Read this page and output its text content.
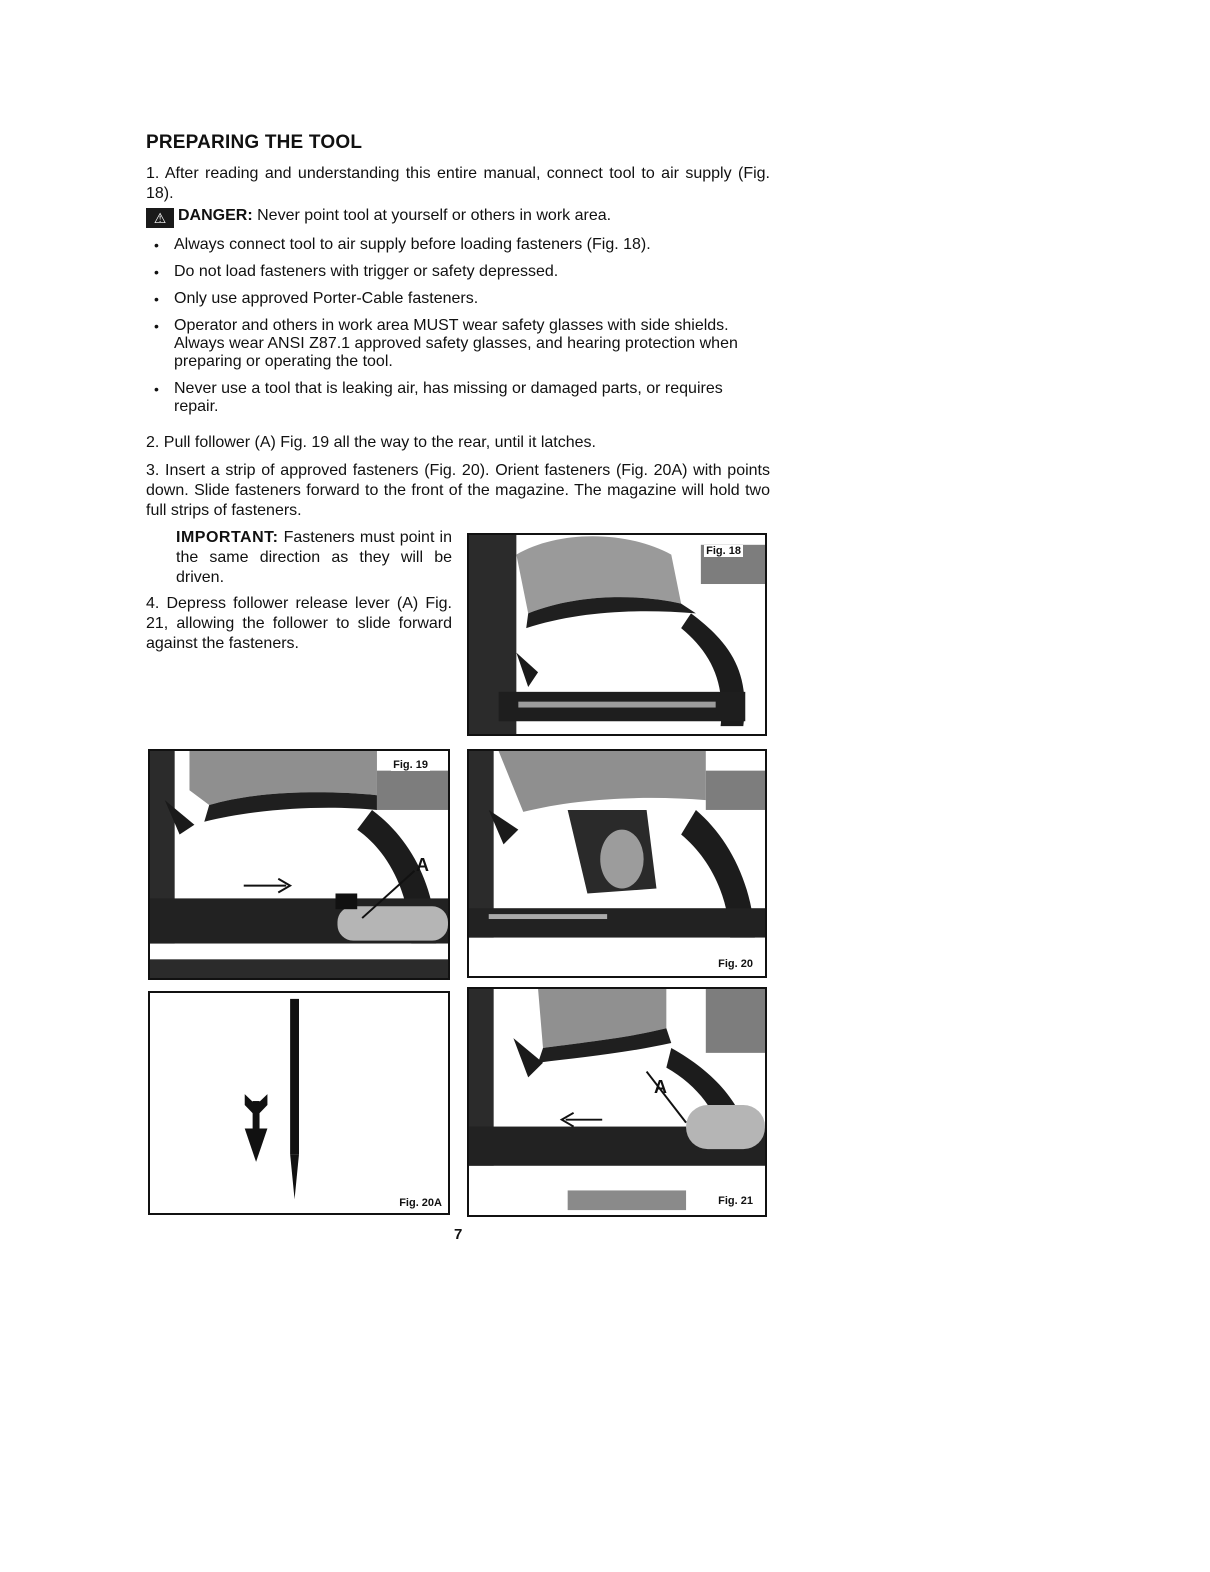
PREPARING THE TOOL
1. After reading and understanding this entire manual, connect tool to air supply (Fig. 18).
⚠ DANGER: Never point tool at yourself or others in work area.
• Always connect tool to air supply before loading fasteners (Fig. 18).
• Do not load fasteners with trigger or safety depressed.
• Only use approved Porter-Cable fasteners.
• Operator and others in work area MUST wear safety glasses with side shields. Always wear ANSI Z87.1 approved safety glasses, and hearing protection when preparing or operating the tool.
• Never use a tool that is leaking air, has missing or damaged parts, or requires repair.
2. Pull follower (A) Fig. 19 all the way to the rear, until it latches.
3. Insert a strip of approved fasteners (Fig. 20). Orient fasteners (Fig. 20A) with points down. Slide fasteners forward to the front of the magazine. The magazine will hold two full strips of fasteners.
IMPORTANT: Fasteners must point in the same direction as they will be driven.
4. Depress follower release lever (A) Fig. 21, allowing the follower to slide forward against the fasteners.
Fig. 18
Fig. 19
A
Fig. 20
Fig. 20A	Fig. 21
A
7
